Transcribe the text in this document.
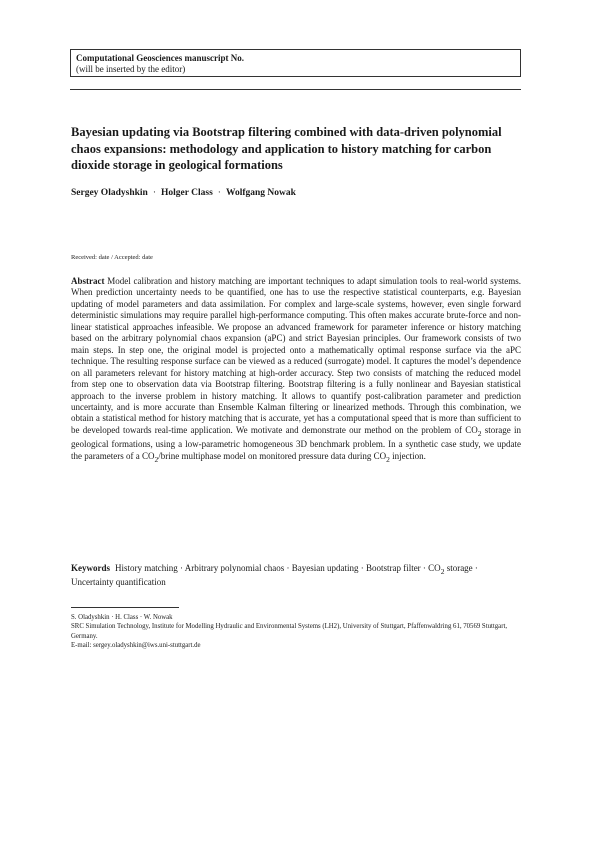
Computational Geosciences manuscript No.
(will be inserted by the editor)
Bayesian updating via Bootstrap filtering combined with data-driven polynomial chaos expansions: methodology and application to history matching for carbon dioxide storage in geological formations
Sergey Oladyshkin · Holger Class · Wolfgang Nowak
Received: date / Accepted: date

Abstract Model calibration and history matching are important techniques to adapt simulation tools to real-world systems. When prediction uncertainty needs to be quantified, one has to use the respective statistical counterparts, e.g. Bayesian updating of model parameters and data assimilation. For complex and large-scale systems, however, even single forward deterministic simulations may require parallel high-performance computing. This often makes accurate brute-force and non-linear statistical approaches infeasible. We propose an advanced framework for parameter inference or history matching based on the arbitrary polynomial chaos expansion (aPC) and strict Bayesian principles. Our framework consists of two main steps. In step one, the original model is projected onto a mathematically optimal response surface via the aPC technique. The resulting response surface can be viewed as a reduced (surrogate) model. It captures the model’s dependence on all parameters relevant for history matching at high-order accuracy. Step two consists of matching the reduced model from step one to observation data via Bootstrap filtering. Bootstrap filtering is a fully nonlinear and Bayesian statistical approach to the inverse problem in history matching. It allows to quantify post-calibration parameter and prediction uncertainty, and is more accurate than Ensemble Kalman filtering or linearized methods. Through this combination, we obtain a statistical method for history matching that is accurate, yet has a computational speed that is more than sufficient to be developed towards real-time application. We motivate and demonstrate our method on the problem of $CO_2$ storage in geological formations, using a low-parametric homogeneous 3D benchmark problem. In a synthetic case study, we update the parameters of a $CO_2$/brine multiphase model on monitored pressure data during $CO_2$ injection.

Keywords History matching · Arbitrary polynomial chaos · Bayesian updating · Bootstrap filter · $CO_2$ storage · Uncertainty quantification

S. Oladyshkin · H. Class · W. Nowak
SRC Simulation Technology, Institute for Modelling Hydraulic and Environmental Systems (LH2), University of Stuttgart, Pfaffenwaldring 61, 70569 Stuttgart, Germany.
E-mail: sergey.oladyshkin@iws.uni-stuttgart.de
